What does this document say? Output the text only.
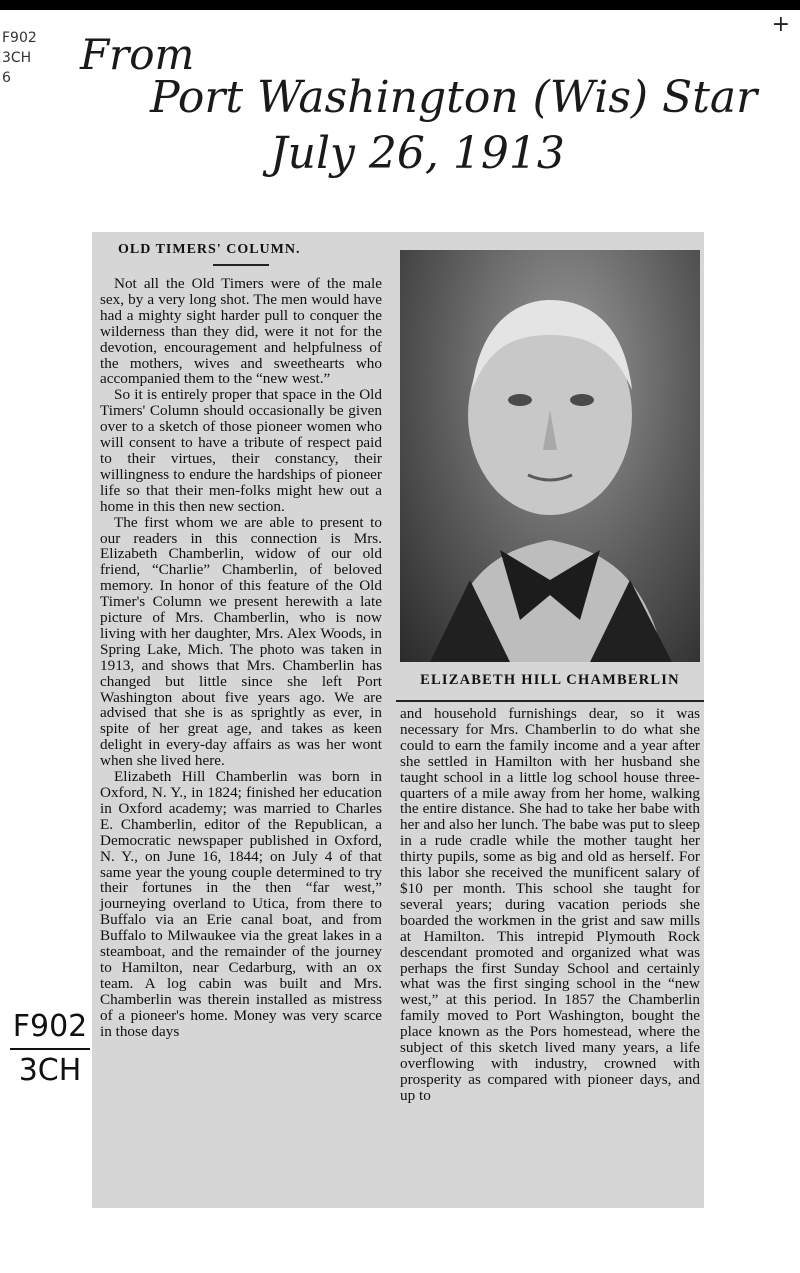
F902
3CH
6
+
From
Port Washington (Wis) Star
July 26, 1913
F902
3CH
OLD TIMERS' COLUMN.

Not all the Old Timers were of the male sex, by a very long shot. The men would have had a mighty sight harder pull to conquer the wilderness than they did, were it not for the devotion, encouragement and helpfulness of the mothers, wives and sweethearts who accompanied them to the “new west.”

So it is entirely proper that space in the Old Timers' Column should occasionally be given over to a sketch of those pioneer women who will consent to have a tribute of respect paid to their virtues, their constancy, their willingness to endure the hardships of pioneer life so that their men-folks might hew out a home in this then new section.

The first whom we are able to present to our readers in this connection is Mrs. Elizabeth Chamberlin, widow of our old friend, “Charlie” Chamberlin, of beloved memory. In honor of this feature of the Old Timer's Column we present herewith a late picture of Mrs. Chamberlin, who is now living with her daughter, Mrs. Alex Woods, in Spring Lake, Mich. The photo was taken in 1913, and shows that Mrs. Chamberlin has changed but little since she left Port Washington about five years ago. We are advised that she is as sprightly as ever, in spite of her great age, and takes as keen delight in every-day affairs as was her wont when she lived here.

Elizabeth Hill Chamberlin was born in Oxford, N. Y., in 1824; finished her education in Oxford academy; was married to Charles E. Chamberlin, editor of the Republican, a Democratic newspaper published in Oxford, N. Y., on June 16, 1844; on July 4 of that same year the young couple determined to try their fortunes in the then “far west,” journeying overland to Utica, from there to Buffalo via an Erie canal boat, and from Buffalo to Milwaukee via the great lakes in a steamboat, and the remainder of the journey to Hamilton, near Cedarburg, with an ox team. A log cabin was built and Mrs. Chamberlin was therein installed as mistress of a pioneer's home. Money was very scarce in those days

ELIZABETH HILL CHAMBERLIN

and household furnishings dear, so it was necessary for Mrs. Chamberlin to do what she could to earn the family income and a year after she settled in Hamilton with her husband she taught school in a little log school house three-quarters of a mile away from her home, walking the entire distance. She had to take her babe with her and also her lunch. The babe was put to sleep in a rude cradle while the mother taught her thirty pupils, some as big and old as herself. For this labor she received the munificent salary of $10 per month. This school she taught for several years; during vacation periods she boarded the workmen in the grist and saw mills at Hamilton. This intrepid Plymouth Rock descendant promoted and organized what was perhaps the first Sunday School and certainly what was the first singing school in the “new west,” at this period. In 1857 the Chamberlin family moved to Port Washington, bought the place known as the Pors homestead, where the subject of this sketch lived many years, a life overflowing with industry, crowned with prosperity as compared with pioneer days, and up to
